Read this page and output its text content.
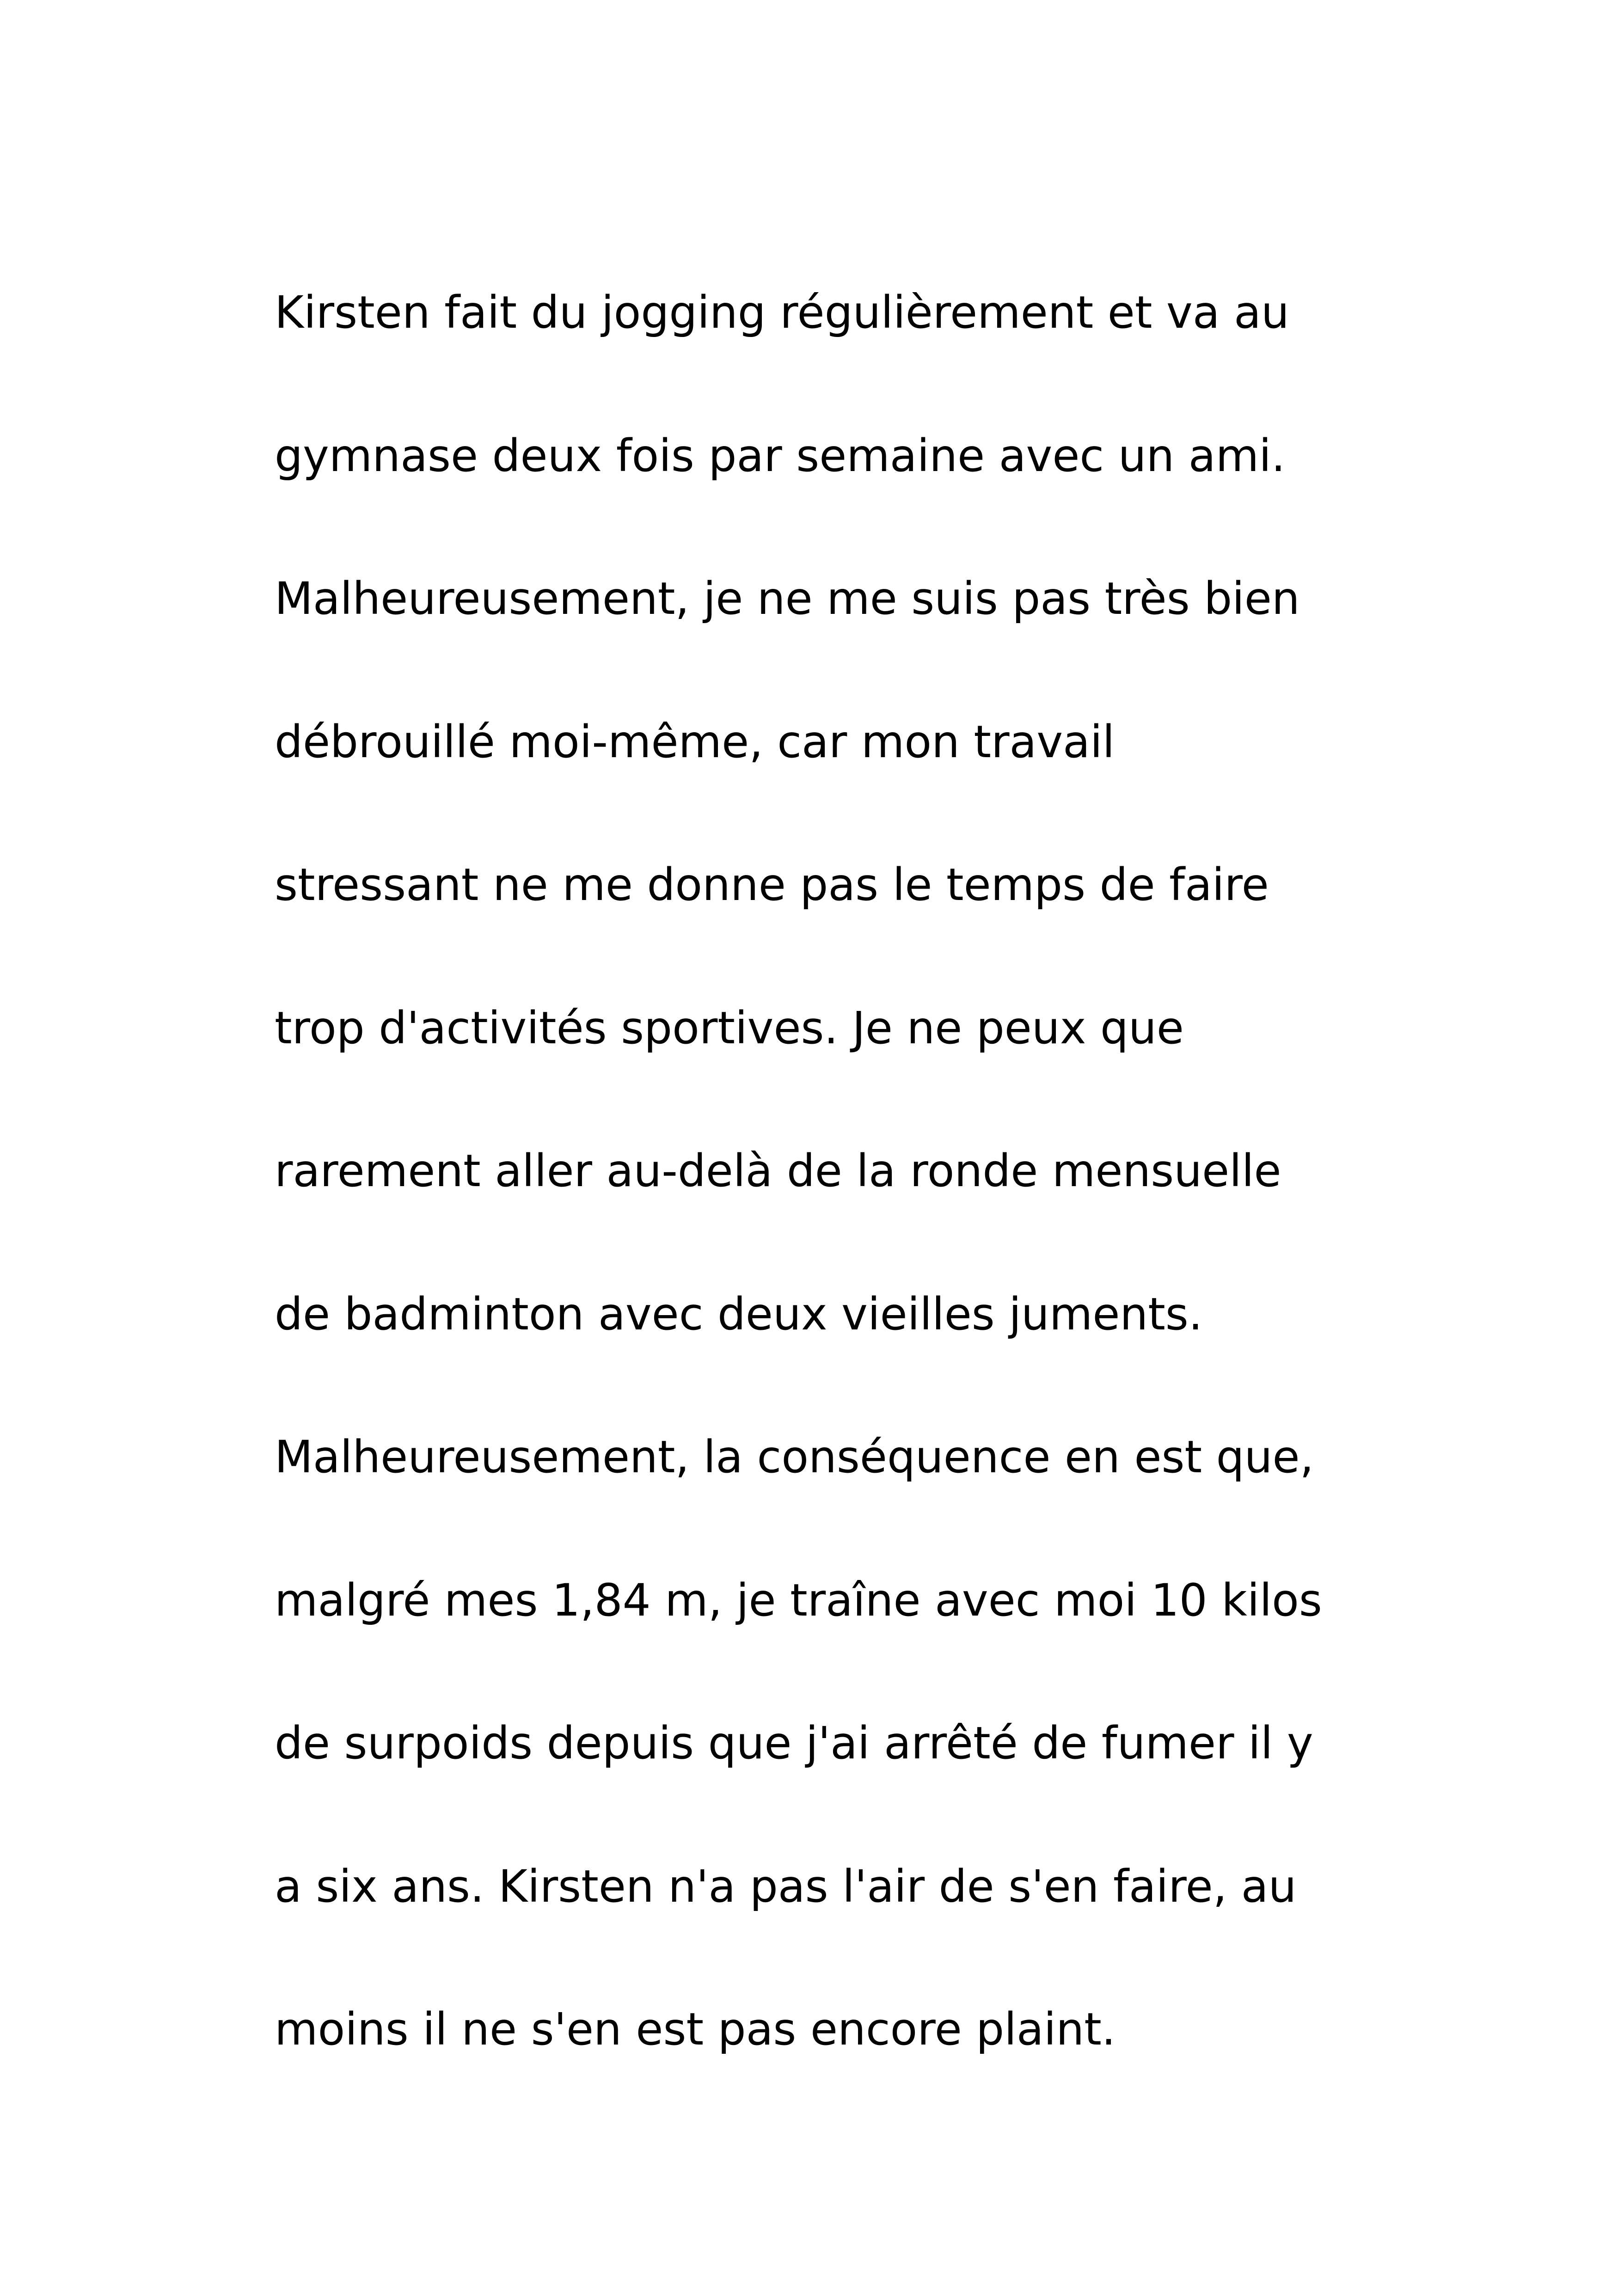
Kirsten fait du jogging régulièrement et va au

gymnase deux fois par semaine avec un ami.

Malheureusement, je ne me suis pas très bien

débrouillé moi-même, car mon travail

stressant ne me donne pas le temps de faire

trop d'activités sportives. Je ne peux que

rarement aller au-delà de la ronde mensuelle

de badminton avec deux vieilles juments.

Malheureusement, la conséquence en est que,

malgré mes 1,84 m, je traîne avec moi 10 kilos

de surpoids depuis que j'ai arrêté de fumer il y

a six ans. Kirsten n'a pas l'air de s'en faire, au

moins il ne s'en est pas encore plaint.
